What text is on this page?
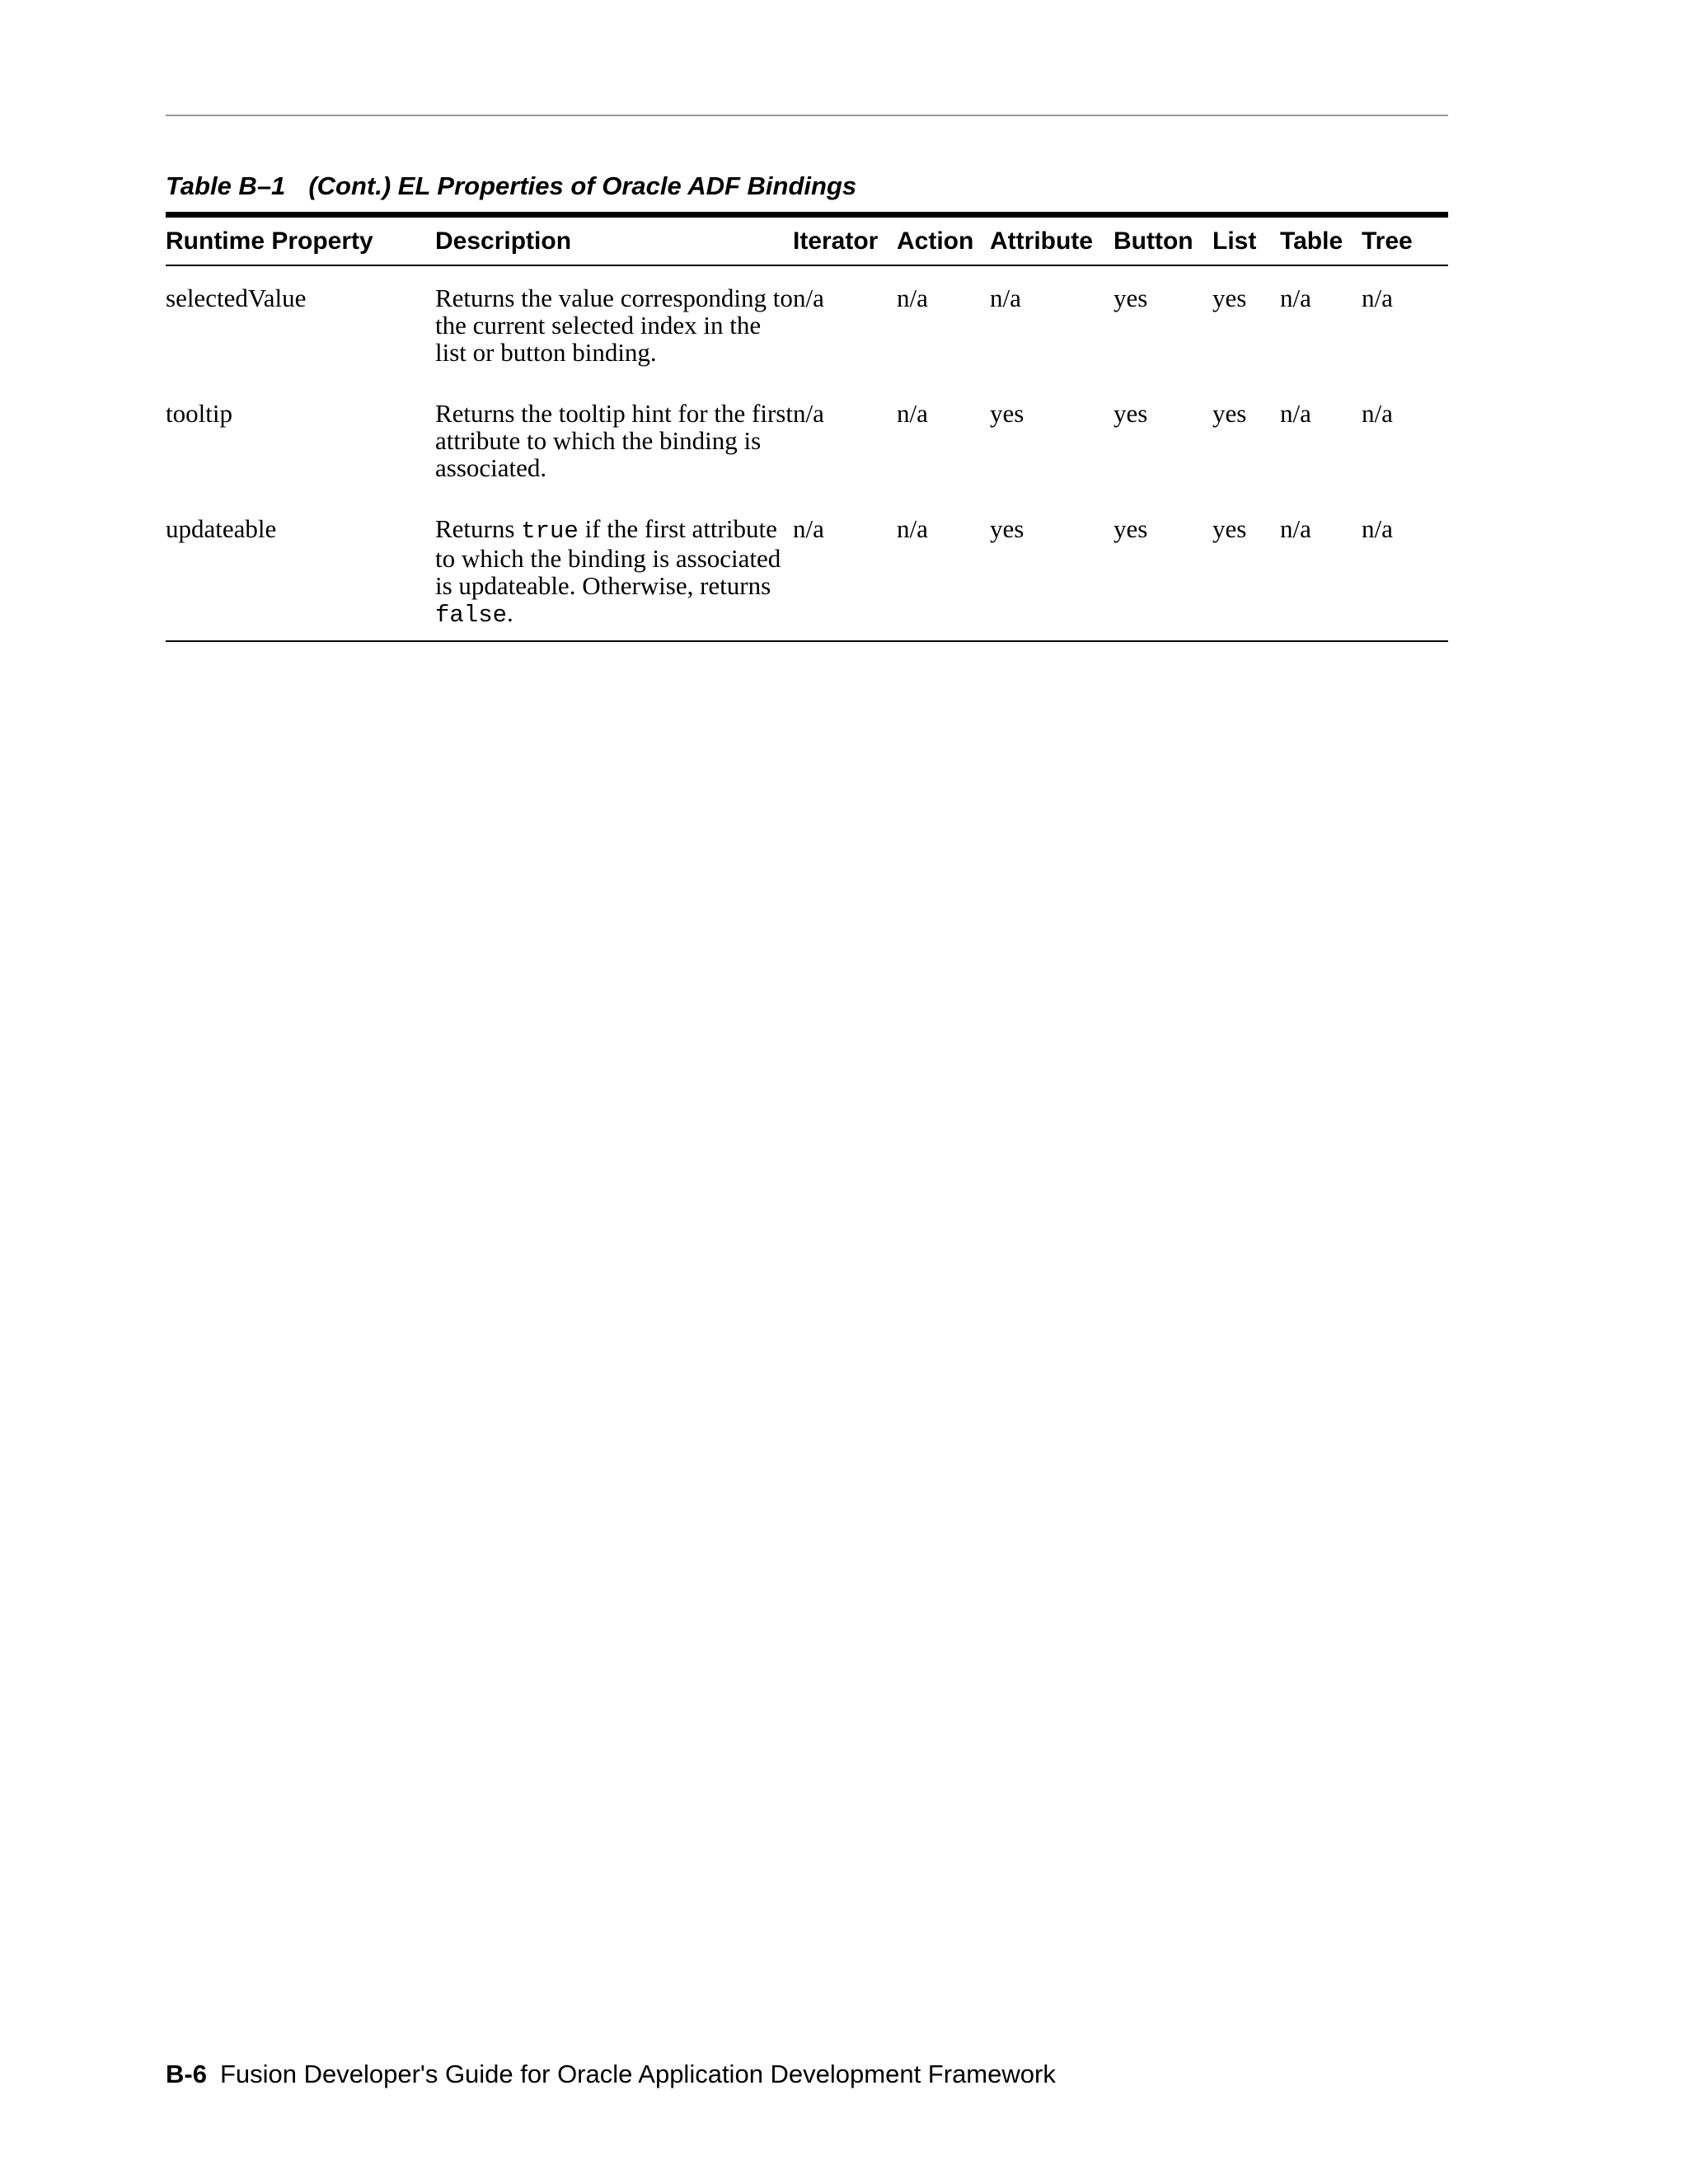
Table B–1 (Cont.) EL Properties of Oracle ADF Bindings
Runtime Property	Description	Iterator	Action	Attribute	Button	List	Table	Tree
selectedValue	Returns the value corresponding to the current selected index in the list or button binding.	n/a	n/a	n/a	yes	yes	n/a	n/a
tooltip	Returns the tooltip hint for the first attribute to which the binding is associated.	n/a	n/a	yes	yes	yes	n/a	n/a
updateable	Returns true if the first attribute to which the binding is associated is updateable. Otherwise, returns false.	n/a	n/a	yes	yes	yes	n/a	n/a
B-6 Fusion Developer's Guide for Oracle Application Development Framework
